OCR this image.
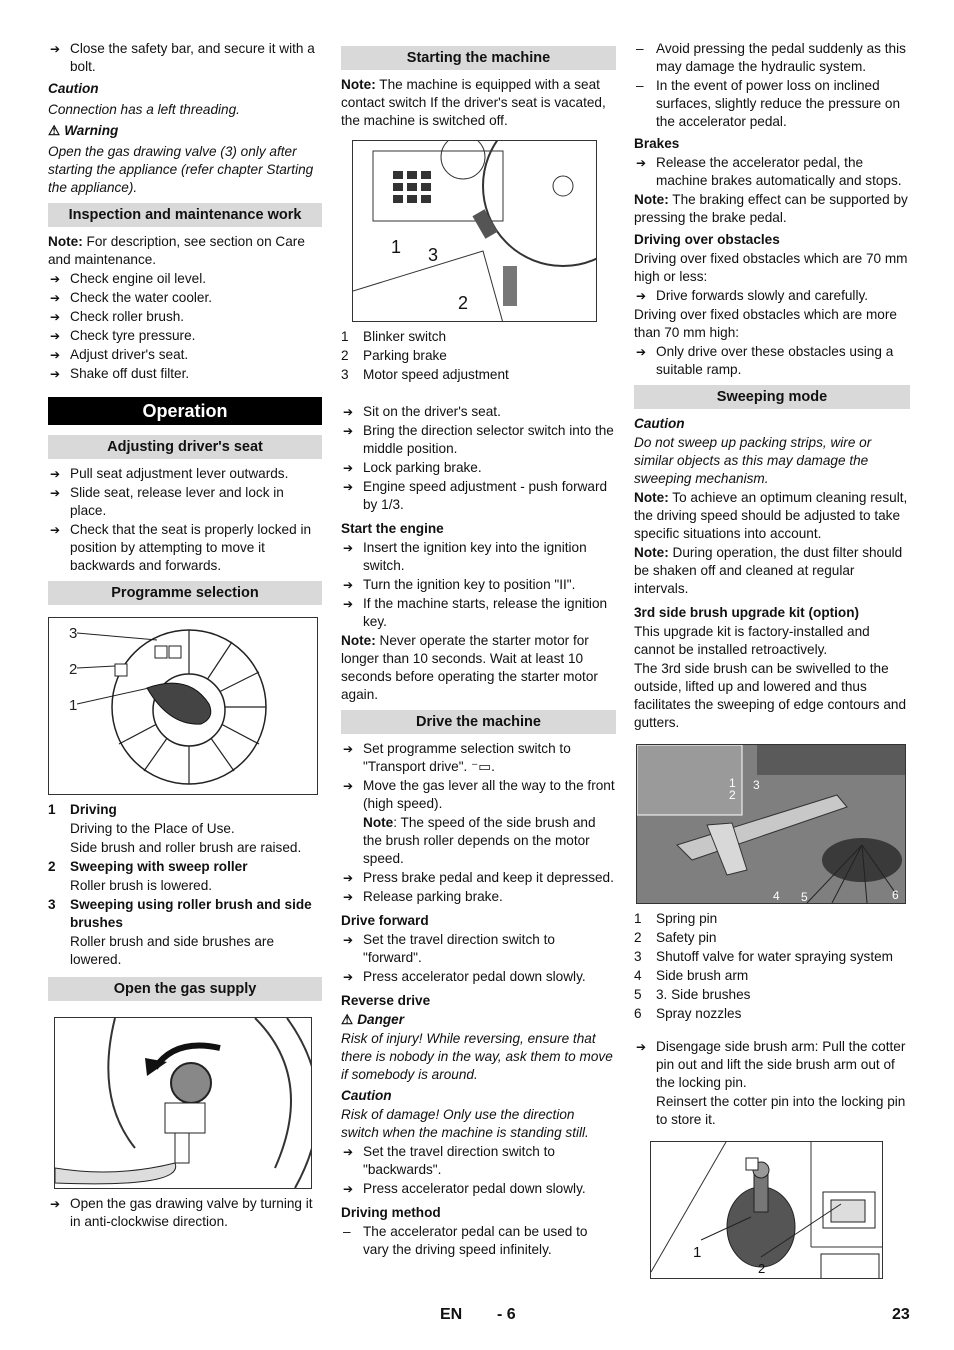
➔ Close the safety bar, and secure it with a bolt.
Caution
Connection has a left threading.
⚠ Warning
Open the gas drawing valve (3) only after starting the appliance (refer chapter Starting the appliance).
Inspection and maintenance work
Note: For description, see section on Care and maintenance.
➔ Check engine oil level.
➔ Check the water cooler.
➔ Check roller brush.
➔ Check tyre pressure.
➔ Adjust driver's seat.
➔ Shake off dust filter.
Operation
Adjusting driver's seat
➔ Pull seat adjustment lever outwards.
➔ Slide seat, release lever and lock in place.
➔ Check that the seat is properly locked in position by attempting to move it backwards and forwards.
Programme selection
3
2
1
1	Driving
Driving to the Place of Use.
Side brush and roller brush are raised.
2	Sweeping with sweep roller
Roller brush is lowered.
3	Sweeping using roller brush and side brushes
Roller brush and side brushes are lowered.
Open the gas supply
➔ Open the gas drawing valve by turning it in anti-clockwise direction.
Starting the machine
Note: The machine is equipped with a seat contact switch If the driver's seat is vacated, the machine is switched off.
1 3
2
1	Blinker switch
2	Parking brake
3	Motor speed adjustment
➔ Sit on the driver's seat.
➔ Bring the direction selector switch into the middle position.
➔ Lock parking brake.
➔ Engine speed adjustment - push forward by 1/3.
Start the engine
➔ Insert the ignition key into the ignition switch.
➔ Turn the ignition key to position "II".
➔ If the machine starts, release the ignition key.
Note: Never operate the starter motor for longer than 10 seconds. Wait at least 10 seconds before operating the starter motor again.
Drive the machine
➔ Set programme selection switch to "Transport drive". ⁻▭.
➔ Move the gas lever all the way to the front (high speed).
Note: The speed of the side brush and the brush roller depends on the motor speed.
➔ Press brake pedal and keep it depressed.
➔ Release parking brake.
Drive forward
➔ Set the travel direction switch to "forward".
➔ Press accelerator pedal down slowly.
Reverse drive
⚠ Danger
Risk of injury! While reversing, ensure that there is nobody in the way, ask them to move if somebody is around.
Caution
Risk of damage! Only use the direction switch when the machine is standing still.
➔ Set the travel direction switch to "backwards".
➔ Press accelerator pedal down slowly.
Driving method
– The accelerator pedal can be used to vary the driving speed infinitely.
– Avoid pressing the pedal suddenly as this may damage the hydraulic system.
– In the event of power loss on inclined surfaces, slightly reduce the pressure on the accelerator pedal.
Brakes
➔ Release the accelerator pedal, the machine brakes automatically and stops.
Note: The braking effect can be supported by pressing the brake pedal.
Driving over obstacles
Driving over fixed obstacles which are 70 mm high or less:
➔ Drive forwards slowly and carefully.
Driving over fixed obstacles which are more than 70 mm high:
➔ Only drive over these obstacles using a suitable ramp.
Sweeping mode
Caution
Do not sweep up packing strips, wire or similar objects as this may damage the sweeping mechanism.
Note: To achieve an optimum cleaning result, the driving speed should be adjusted to take specific situations into account.
Note: During operation, the dust filter should be shaken off and cleaned at regular intervals.
3rd side brush upgrade kit (option)
This upgrade kit is factory-installed and cannot be installed retroactively.
The 3rd side brush can be swivelled to the outside, lifted up and lowered and thus facilitates the sweeping of edge contours and gutters.
1
2
3
4 5	6
1	Spring pin
2	Safety pin
3	Shutoff valve for water spraying system
4	Side brush arm
5	3. Side brushes
6	Spray nozzles
➔ Disengage side brush arm: Pull the cotter pin out and lift the side brush arm out of the locking pin.
Reinsert the cotter pin into the locking pin to store it.
1
2
EN - 6	23
